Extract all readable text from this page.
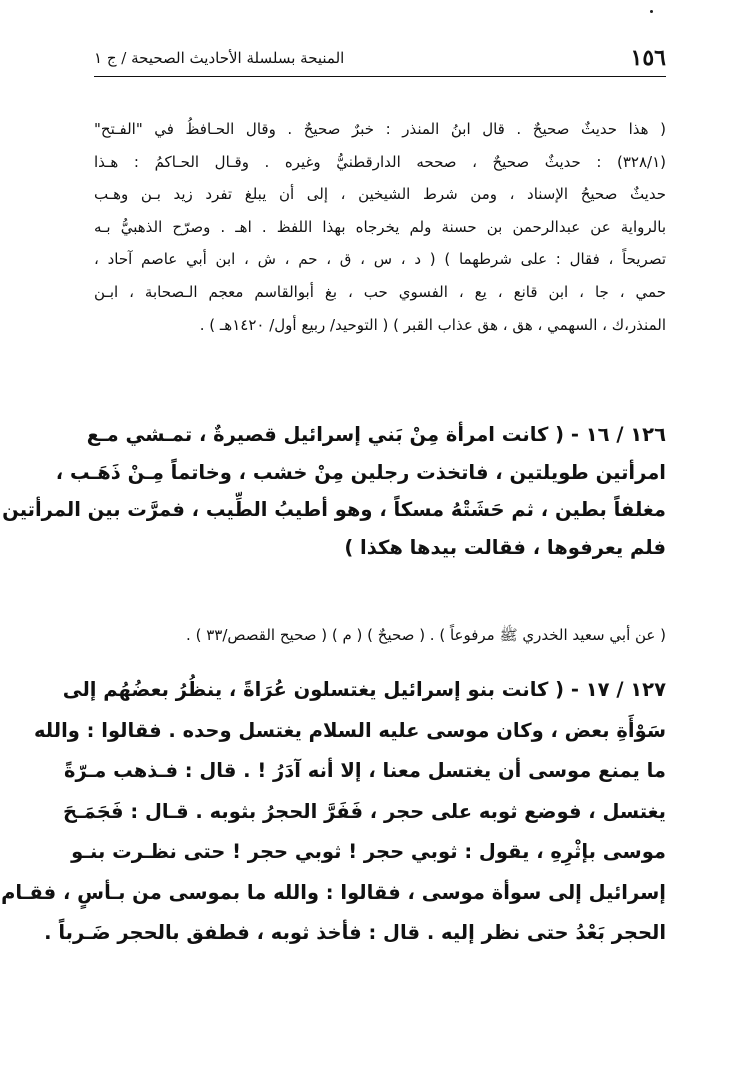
١٥٦
المنيحة بسلسلة الأحاديث الصحيحة / ج ١
( هذا حديثٌ صحيحٌ . قال ابنُ المنذر : خبرٌ صحيحٌ . وقال الحـافظُ في "الفـتح"
(٣٢٨/١) : حديثٌ صحيحٌ ، صححه الدارقطنيُّ وغيره . وقـال الحـاكمُ : هـذا
حديثٌ صحيحُ الإسناد ، ومن شرط الشيخين ، إلى أن يبلغ تفرد زيد بـن وهـب
بالرواية عن عبدالرحمن بن حسنة ولم يخرجاه بهذا اللفظ . اهـ . وصرّح الذهبيُّ بـه
تصريحاً ، فقال : على شرطهما ) ( د ، س ، ق ، حم ، ش ، ابن أبي عاصم آحاد ،
حمي ، جا ، ابن قانع ، يع ، الفسوي حب ، بغ أبوالقاسم معجم الـصحابة ، ابـن
المنذر،ك ، السهمي ، هق ، هق عذاب القبر ) ( التوحيد/ ربيع أول/ ١٤٢٠هـ ) .
١٢٦ / ١٦ - ( كانت امرأة مِنْ بَني إسرائيل قصيرةٌ ، تمـشي مـع
امرأتين طويلتين ، فاتخذت رجلين مِنْ خشب ، وخاتماً مِـنْ ذَهَـب ،
مغلفاً بطين ، ثم حَشَتْهُ مسكاً ، وهو أطيبُ الطِّيب ، فمرَّت بين المرأتين
فلم يعرفوها ، فقالت بيدها هكذا )
( عن أبي سعيد الخدري ﷺ مرفوعاً ) . ( صحيحٌ ) ( م ) ( صحيح القصص/٣٣ ) .
١٢٧ / ١٧ - ( كانت بنو إسرائيل يغتسلون عُرَاةً ، ينظُرُ بعضُهُم إلى
سَوْأَةِ بعض ، وكان موسى عليه السلام يغتسل وحده . فقالوا : والله
ما يمنع موسى أن يغتسل معنا ، إلا أنه آدَرُ ! . قال : فـذهب مـرّةً
يغتسل ، فوضع ثوبه على حجر ، فَفَرَّ الحجرُ بثوبه . قـال : فَجَمَـحَ
موسى بإثْرِهِ ، يقول : ثوبي حجر ! ثوبي حجر ! حتى نظـرت بنـو
إسرائيل إلى سوأة موسى ، فقالوا : والله ما بموسى من بـأسٍ ، فقـام
الحجر بَعْدُ حتى نظر إليه . قال : فأخذ ثوبه ، فطفق بالحجر ضَـرباً .
